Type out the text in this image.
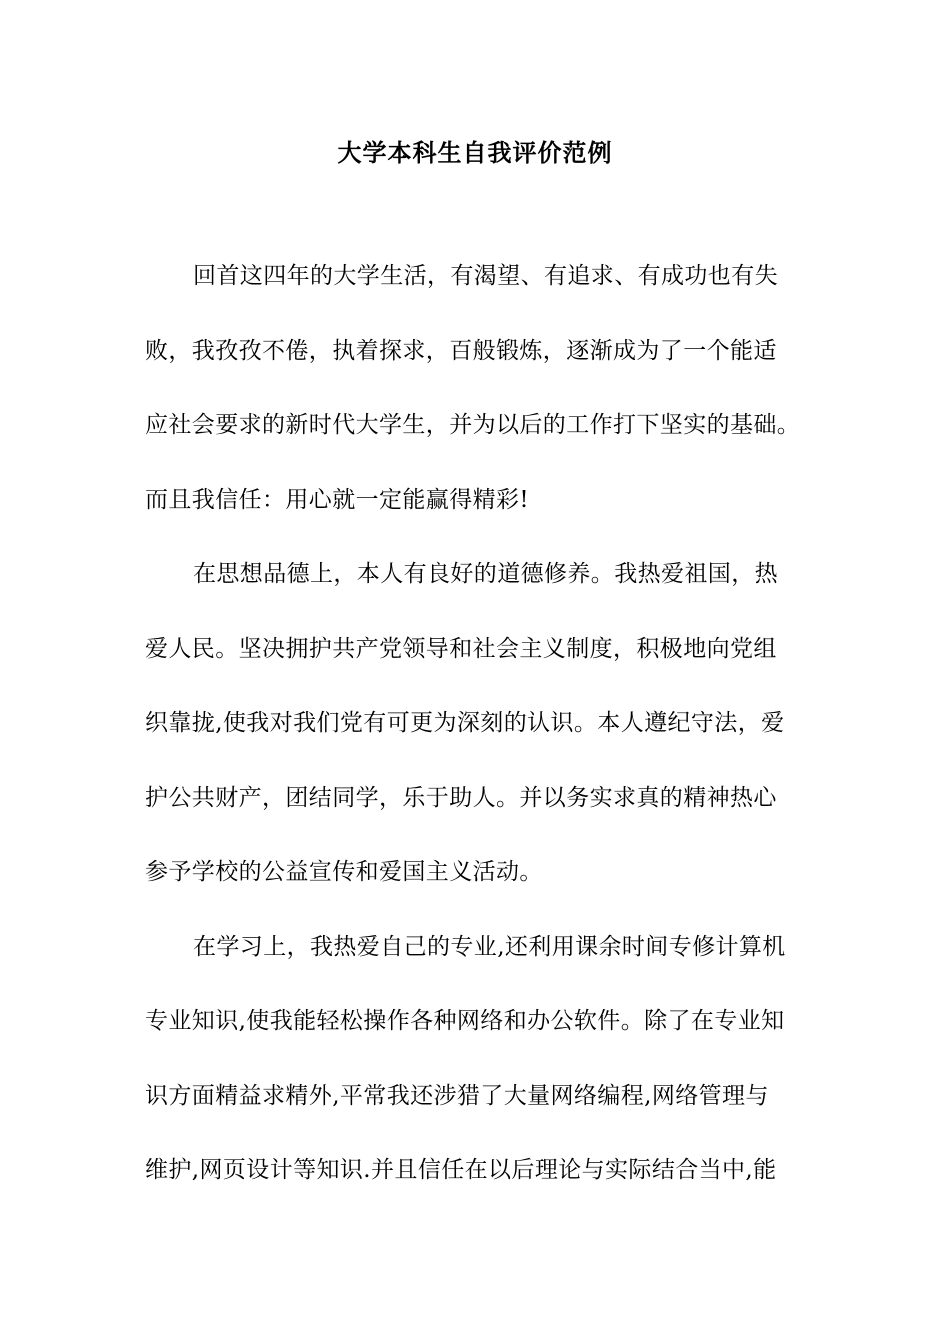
大学本科生自我评价范例
回首这四年的大学生活，有渴望、有追求、有成功也有失
败，我孜孜不倦，执着探求，百般锻炼，逐渐成为了一个能适
应社会要求的新时代大学生，并为以后的工作打下坚实的基础。
而且我信任：用心就一定能赢得精彩!
在思想品德上，本人有良好的道德修养。我热爱祖国，热
爱人民。坚决拥护共产党领导和社会主义制度，积极地向党组
织靠拢,使我对我们党有可更为深刻的认识。本人遵纪守法，爱
护公共财产，团结同学，乐于助人。并以务实求真的精神热心
参予学校的公益宣传和爱国主义活动。
在学习上，我热爱自己的专业,还利用课余时间专修计算机
专业知识,使我能轻松操作各种网络和办公软件。除了在专业知
识方面精益求精外,平常我还涉猎了大量网络编程,网络管理与
维护,网页设计等知识.并且信任在以后理论与实际结合当中,能
